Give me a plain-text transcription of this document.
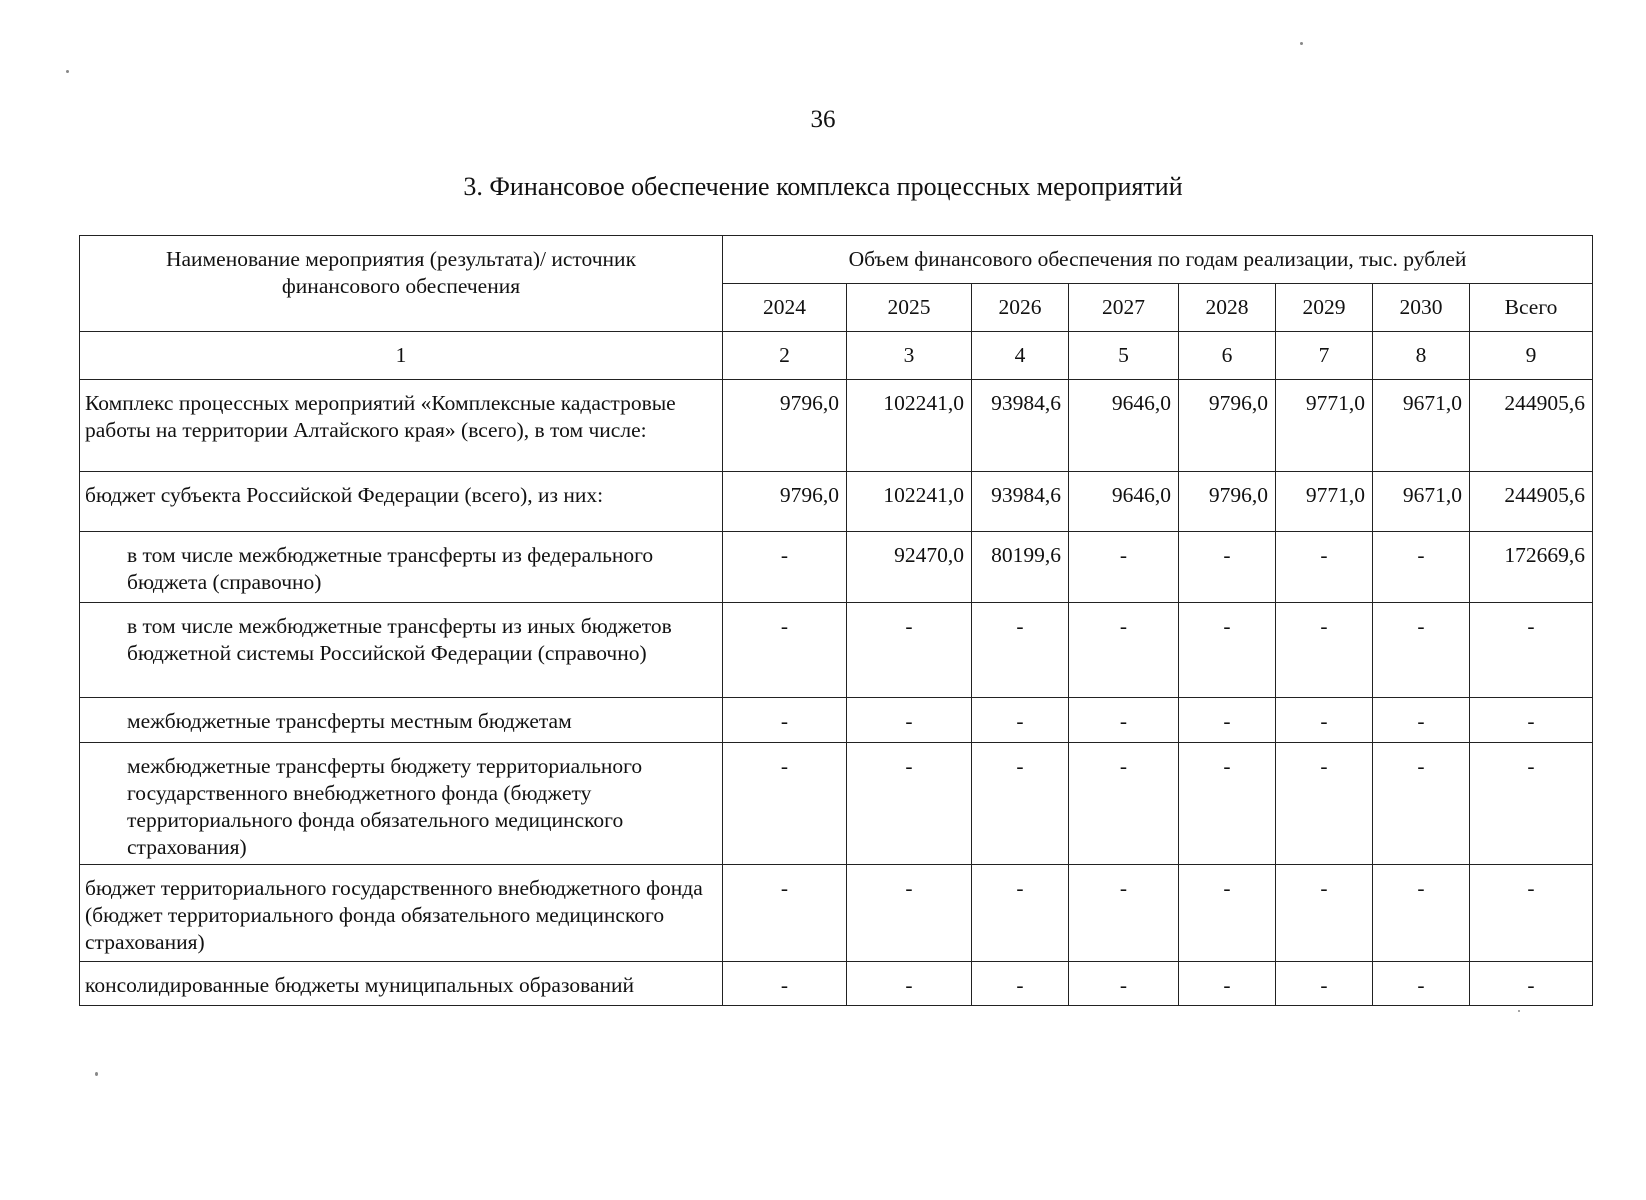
36
3. Финансовое обеспечение комплекса процессных мероприятий
Наименование мероприятия (результата)/ источник финансового обеспечения	Объем финансового обеспечения по годам реализации, тыс. рублей							
	2024	2025	2026	2027	2028	2029	2030	Всего
1	2	3	4	5	6	7	8	9
Комплекс процессных мероприятий «Комплексные кадастровые работы на территории Алтайского края» (всего), в том числе:	9796,0	102241,0	93984,6	9646,0	9796,0	9771,0	9671,0	244905,6
бюджет субъекта Российской Федерации (всего), из них:	9796,0	102241,0	93984,6	9646,0	9796,0	9771,0	9671,0	244905,6
в том числе межбюджетные трансферты из федерального бюджета (справочно)	-	92470,0	80199,6	-	-	-	-	172669,6
в том числе межбюджетные трансферты из иных бюджетов бюджетной системы Российской Федерации (справочно)	-	-	-	-	-	-	-	-
межбюджетные трансферты местным бюджетам	-	-	-	-	-	-	-	-
межбюджетные трансферты бюджету территориального государственного внебюджетного фонда (бюджету территориального фонда обязательного медицинского страхования)	-	-	-	-	-	-	-	-
бюджет территориального государственного внебюджетного фонда (бюджет территориального фонда обязательного медицинского страхования)	-	-	-	-	-	-	-	-
консолидированные бюджеты муниципальных образований	-	-	-	-	-	-	-	-
